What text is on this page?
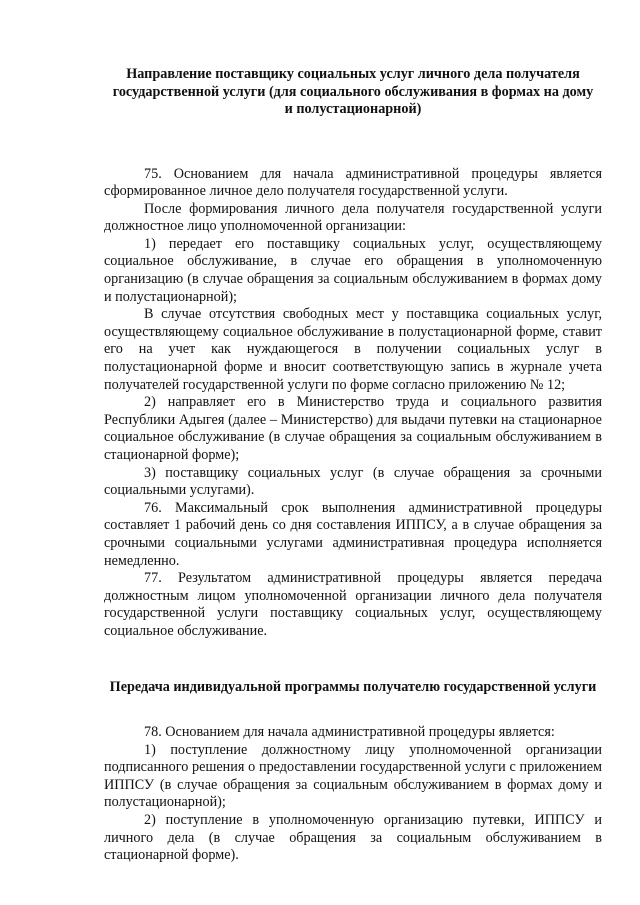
Направление поставщику социальных услуг личного дела получателя государственной услуги (для социального обслуживания в формах на дому и полустационарной)

75. Основанием для начала административной процедуры является сформированное личное дело получателя государственной услуги.

После формирования личного дела получателя государственной услуги должностное лицо уполномоченной организации:

1) передает его поставщику социальных услуг, осуществляющему социальное обслуживание, в случае его обращения в уполномоченную организацию (в случае обращения за социальным обслуживанием в формах дому и полустационарной);

В случае отсутствия свободных мест у поставщика социальных услуг, осуществляющему социальное обслуживание в полустационарной форме, ставит его на учет как нуждающегося в получении социальных услуг в полустационарной форме и вносит соответствующую запись в журнале учета получателей государственной услуги по форме согласно приложению № 12;

2) направляет его в Министерство труда и социального развития Республики Адыгея (далее – Министерство) для выдачи путевки на стационарное социальное обслуживание (в случае обращения за социальным обслуживанием в стационарной форме);

3) поставщику социальных услуг (в случае обращения за срочными социальными услугами).

76. Максимальный срок выполнения административной процедуры составляет 1 рабочий день со дня составления ИППСУ, а в случае обращения за срочными социальными услугами административная процедура исполняется немедленно.

77. Результатом административной процедуры является передача должностным лицом уполномоченной организации личного дела получателя государственной услуги поставщику социальных услуг, осуществляющему социальное обслуживание.

Передача индивидуальной программы получателю государственной услуги

78. Основанием для начала административной процедуры является:

1) поступление должностному лицу уполномоченной организации подписанного решения о предоставлении государственной услуги с приложением ИППСУ (в случае обращения за социальным обслуживанием в формах дому и полустационарной);

2) поступление в уполномоченную организацию путевки, ИППСУ и личного дела (в случае обращения за социальным обслуживанием в стационарной форме).
